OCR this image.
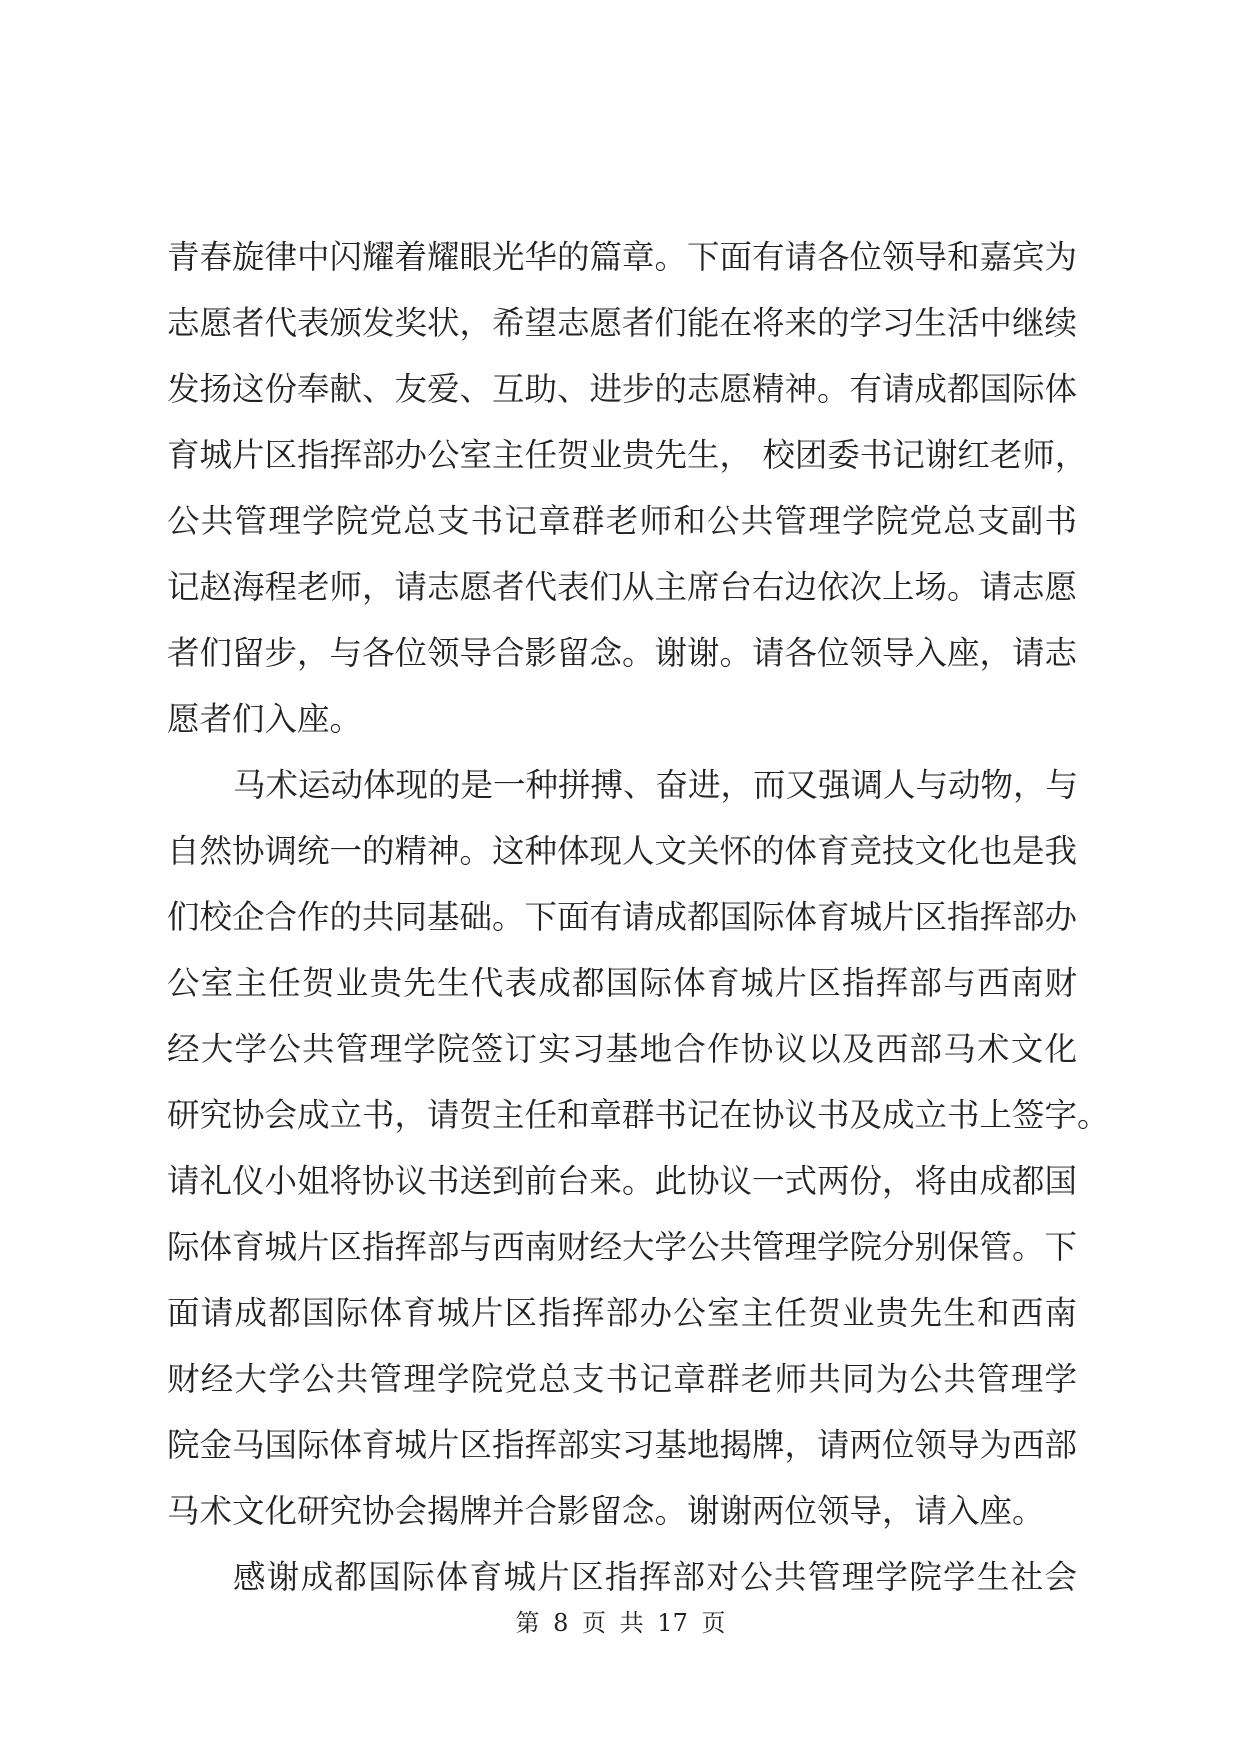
青春旋律中闪耀着耀眼光华的篇章。下面有请各位领导和嘉宾为
志愿者代表颁发奖状，希望志愿者们能在将来的学习生活中继续
发扬这份奉献、友爱、互助、进步的志愿精神。有请成都国际体
育城片区指挥部办公室主任贺业贵先生， 校团委书记谢红老师，
公共管理学院党总支书记章群老师和公共管理学院党总支副书
记赵海程老师，请志愿者代表们从主席台右边依次上场。请志愿
者们留步，与各位领导合影留念。谢谢。请各位领导入座，请志
愿者们入座。
马术运动体现的是一种拼搏、奋进，而又强调人与动物，与
自然协调统一的精神。这种体现人文关怀的体育竞技文化也是我
们校企合作的共同基础。下面有请成都国际体育城片区指挥部办
公室主任贺业贵先生代表成都国际体育城片区指挥部与西南财
经大学公共管理学院签订实习基地合作协议以及西部马术文化
研究协会成立书，请贺主任和章群书记在协议书及成立书上签字。
请礼仪小姐将协议书送到前台来。此协议一式两份，将由成都国
际体育城片区指挥部与西南财经大学公共管理学院分别保管。下
面请成都国际体育城片区指挥部办公室主任贺业贵先生和西南
财经大学公共管理学院党总支书记章群老师共同为公共管理学
院金马国际体育城片区指挥部实习基地揭牌，请两位领导为西部
马术文化研究协会揭牌并合影留念。谢谢两位领导，请入座。
感谢成都国际体育城片区指挥部对公共管理学院学生社会
第 8 页 共 17 页
